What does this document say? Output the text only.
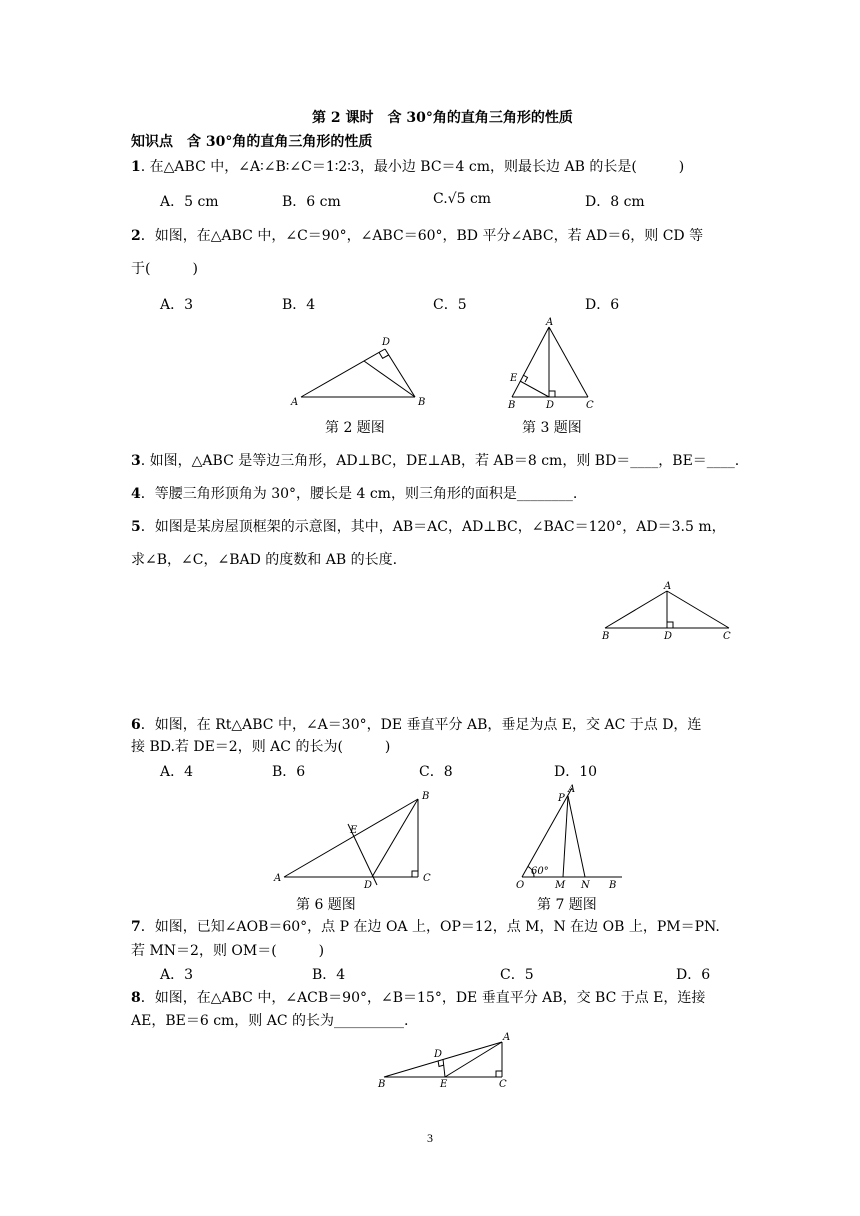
第 2 课时　含 30°角的直角三角形的性质
知识点　含 30°角的直角三角形的性质
1. 在△ABC 中，∠A∶∠B∶∠C＝1∶2∶3，最小边 BC＝4 cm，则最长边 AB 的长是(　　　)
A．5 cm	B．6 cm	C.√5 cm	D．8 cm
2．如图，在△ABC 中，∠C＝90°，∠ABC＝60°，BD 平分∠ABC，若 AD＝6，则 CD 等
于(　　　)
A．3	B．4	C．5	D．6
D
A	B
第 2 题图
A
E
B	D	C
第 3 题图
3. 如图，△ABC 是等边三角形，AD⊥BC，DE⊥AB，若 AB＝8 cm，则 BD＝____，BE＝____.
4．等腰三角形顶角为 30°，腰长是 4 cm，则三角形的面积是________.
5．如图是某房屋顶框架的示意图，其中，AB＝AC，AD⊥BC，∠BAC＝120°，AD＝3.5 m，
求∠B，∠C，∠BAD 的度数和 AB 的长度.
A
B	D	C
6．如图，在 Rt△ABC 中，∠A＝30°，DE 垂直平分 AB，垂足为点 E，交 AC 于点 D，连
接 BD.若 DE＝2，则 AC 的长为(　　　)
A．4	B．6	C．8	D．10
B
E
A
D
C
第 6 题图
A
P
60°
O	M N B
第 7 题图
7．如图，已知∠AOB＝60°，点 P 在边 OA 上，OP＝12，点 M，N 在边 OB 上，PM＝PN.
若 MN＝2，则 OM＝(　　　)
A．3	B．4	C．5	D．6
8．如图，在△ABC 中，∠ACB＝90°，∠B＝15°，DE 垂直平分 AB，交 BC 于点 E，连接
AE，BE＝6 cm，则 AC 的长为__________.
A
D
B	E	C
3
